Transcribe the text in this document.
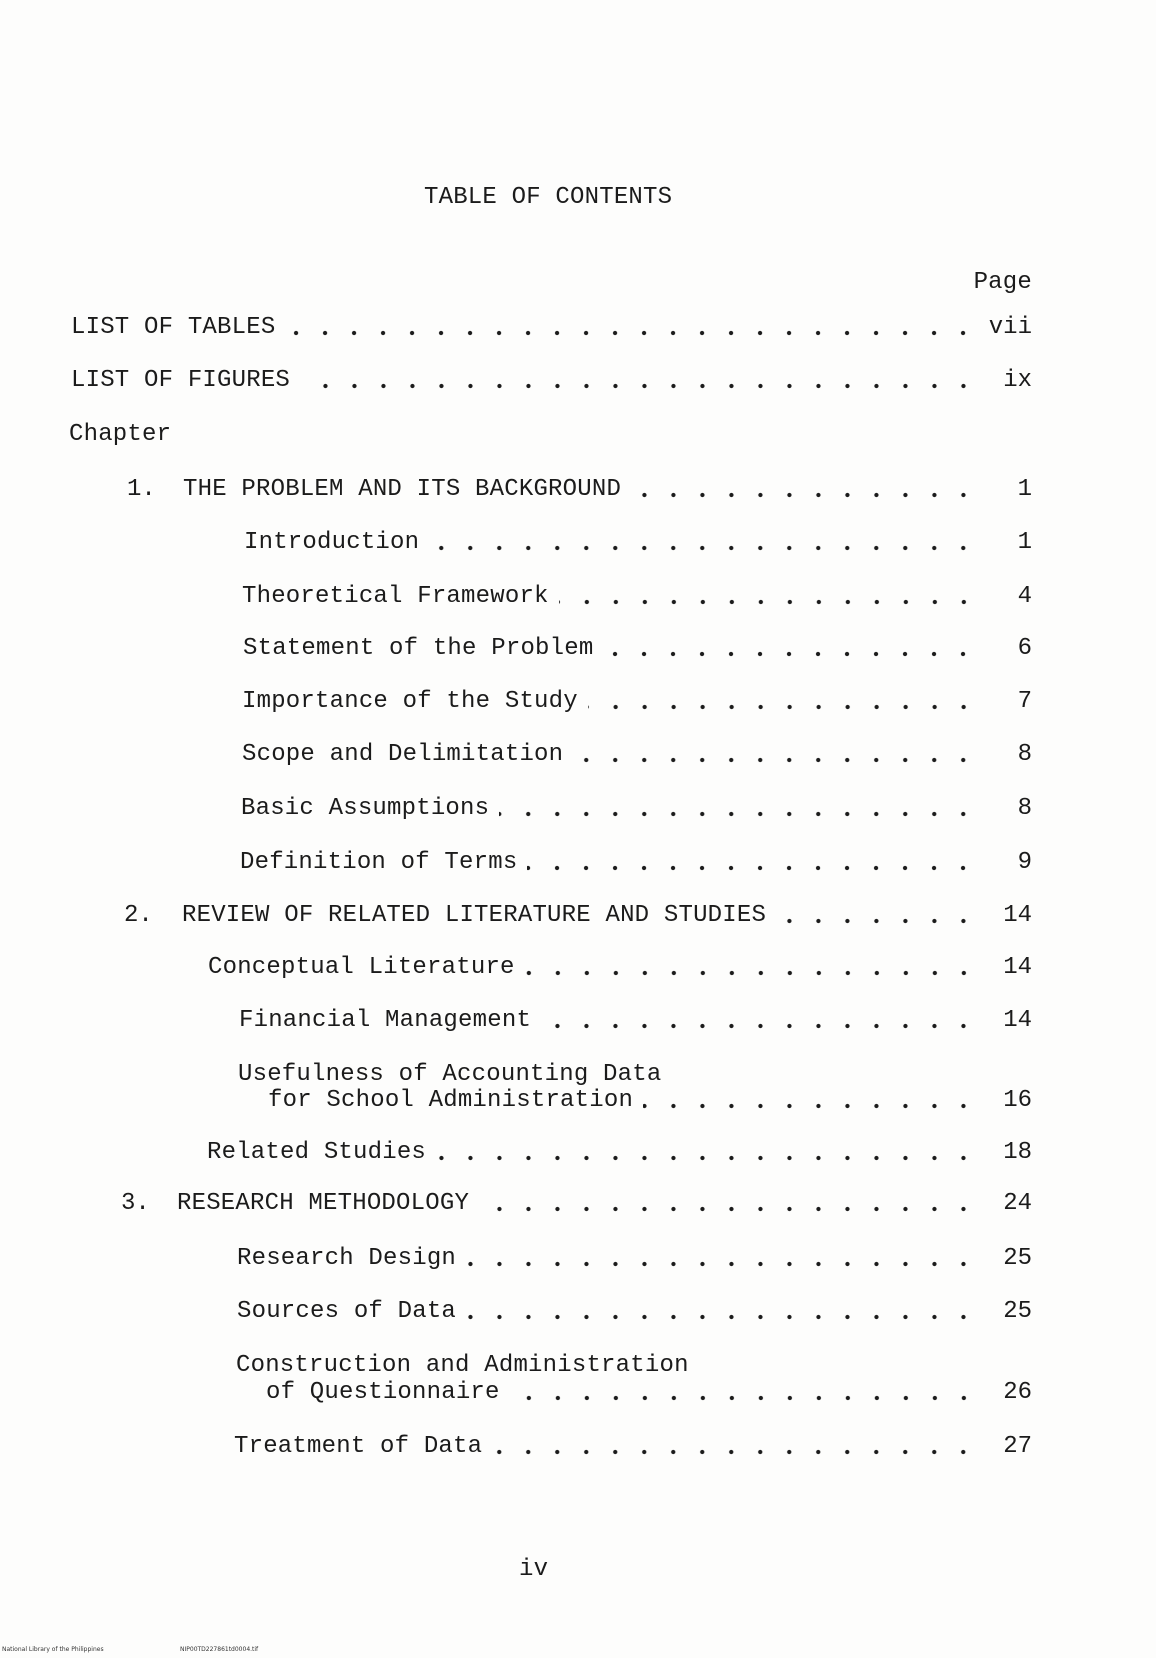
TABLE OF CONTENTS
Page
LIST OF TABLES	vii
LIST OF FIGURES	ix
Chapter
1.	THE PROBLEM AND ITS BACKGROUND	1
Introduction	1
Theoretical Framework	4
Statement of the Problem	6
Importance of the Study	7
Scope and Delimitation	8
Basic Assumptions	8
Definition of Terms	9
2.	REVIEW OF RELATED LITERATURE AND STUDIES	14
Conceptual Literature	14
Financial Management	14
Usefulness of Accounting Data
for School Administration	16
Related Studies	18
3.	RESEARCH METHODOLOGY	24
Research Design	25
Sources of Data	25
Construction and Administration
of Questionnaire	26
Treatment of Data	27
iv
National Library of the Philippines	NIP00TD227861td0004.tif
